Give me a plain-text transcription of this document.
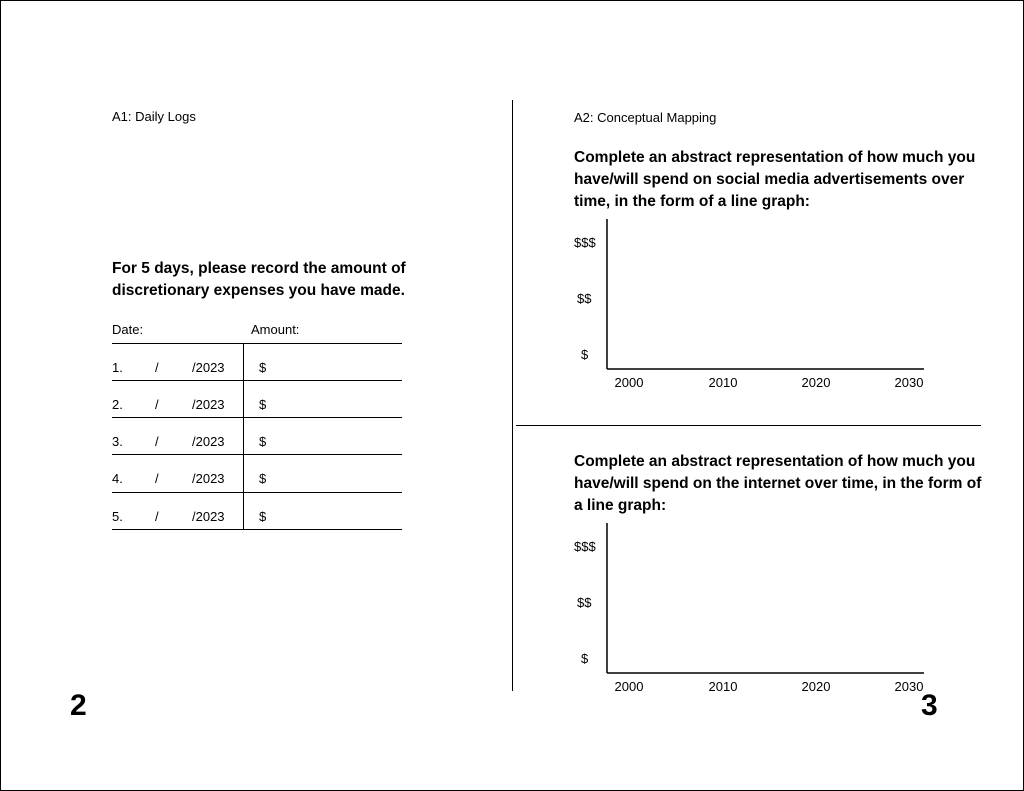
A1: Daily Logs
For 5 days, please record the amount of discretionary expenses you have made.
Date:	Amount:
1. /	/2023	$
2. /	/2023	$
3. /	/2023	$
4. /	/2023	$
5. /	/2023	$
2
A2: Conceptual Mapping
Complete an abstract representation of how much you have/will spend on social media advertisements over time, in the form of a line graph:
$$$
$$
$
2000	2010	2020	2030
Complete an abstract representation of how much you have/will spend on the internet over time, in the form of a line graph:
$$$
$$
$
2000	2010	2020	2030
3
